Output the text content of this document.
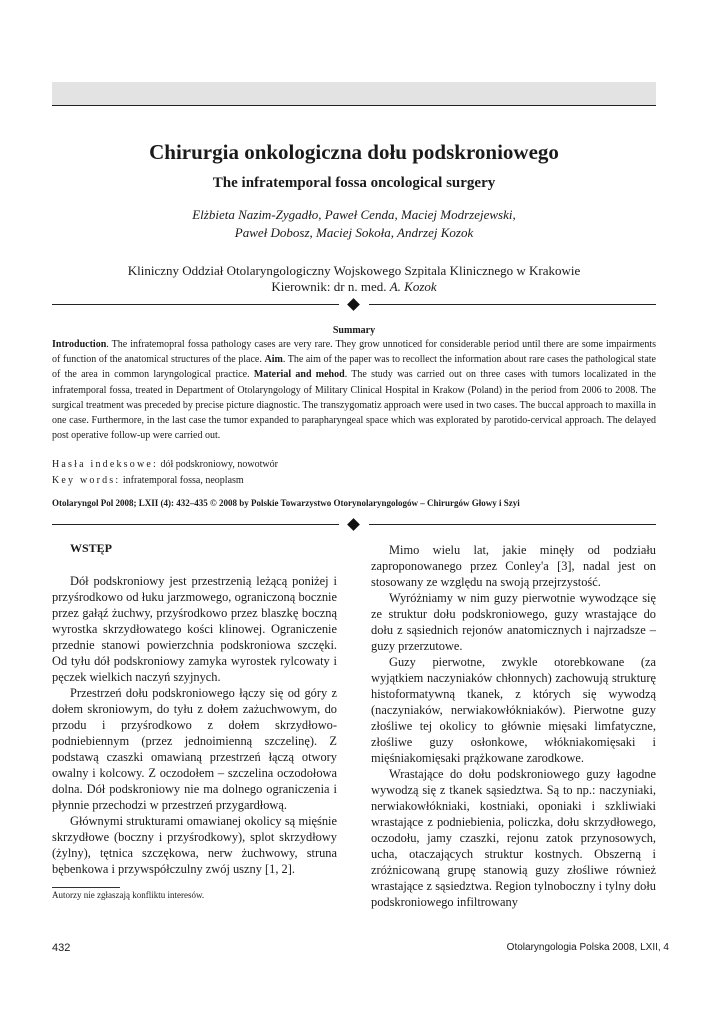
Chirurgia onkologiczna dołu podskroniowego
The infratemporal fossa oncological surgery
Elżbieta Nazim-Zygadło, Paweł Cenda, Maciej Modrzejewski,
Paweł Dobosz, Maciej Sokoła, Andrzej Kozok
Kliniczny Oddział Otolaryngologiczny Wojskowego Szpitala Klinicznego w Krakowie
Kierownik: dr n. med. A. Kozok
Summary
Introduction. The infratemopral fossa pathology cases are very rare. They grow unnoticed for considerable period until there are some impairments of function of the anatomical structures of the place. Aim. The aim of the paper was to recollect the information about rare cases the pathological state of the area in common laryngological practice. Material and mehod. The study was carried out on three cases with tumors localizated in the infratemporal fossa, treated in Department of Otolaryngology of Military Clinical Hospital in Krakow (Poland) in the period from 2006 to 2008. The surgical treatment was preceded by precise picture diagnostic. The transzygomatiz approach were used in two cases. The buccal approach to maxilla in one case. Furthermore, in the last case the tumor expanded to parapharyngeal space which was explorated by parotido-cervical approach. The delayed post operative follow-up were carried out.
Hasła indeksowe: dół podskroniowy, nowotwór
Key words: infratemporal fossa, neoplasm
Otolaryngol Pol 2008; LXII (4): 432–435 © 2008 by Polskie Towarzystwo Otorynolaryngologów – Chirurgów Głowy i Szyi
WSTĘP

Dół podskroniowy jest przestrzenią leżącą poniżej i przyśrodkowo od łuku jarzmowego, ograniczoną bocznie przez gałąź żuchwy, przyśrodkowo przez blaszkę boczną wyrostka skrzydłowatego kości klinowej. Ograniczenie przednie stanowi powierzchnia podskroniowa szczęki. Od tyłu dół podskroniowy zamyka wyrostek rylcowaty i pęczek wielkich naczyń szyjnych.

Przestrzeń dołu podskroniowego łączy się od góry z dołem skroniowym, do tyłu z dołem zażuchwowym, do przodu i przyśrodkowo z dołem skrzydłowo-podniebiennym (przez jednoimienną szczelinę). Z podstawą czaszki omawianą przestrzeń łączą otwory owalny i kolcowy. Z oczodołem – szczelina oczodołowa dolna. Dół podskroniowy nie ma dolnego ograniczenia i płynnie przechodzi w przestrzeń przygardłową.

Głównymi strukturami omawianej okolicy są mięśnie skrzydłowe (boczny i przyśrodkowy), splot skrzydłowy (żylny), tętnica szczękowa, nerw żuchwowy, struna bębenkowa i przywspółczulny zwój uszny [1, 2].

Mimo wielu lat, jakie minęły od podziału zaproponowanego przez Conley'a [3], nadal jest on stosowany ze względu na swoją przejrzystość.

Wyróżniamy w nim guzy pierwotnie wywodzące się ze struktur dołu podskroniowego, guzy wrastające do dołu z sąsiednich rejonów anatomicznych i najrzadsze – guzy przerzutowe.

Guzy pierwotne, zwykle otorebkowane (za wyjątkiem naczyniaków chłonnych) zachowują strukturę histoformatywną tkanek, z których się wywodzą (naczyniaków, nerwiakowłókniaków). Pierwotne guzy złośliwe tej okolicy to głównie mięsaki limfatyczne, złośliwe guzy osłonkowe, włókniakomięsaki i mięśniakomięsaki prążkowane zarodkowe.

Wrastające do dołu podskroniowego guzy łagodne wywodzą się z tkanek sąsiedztwa. Są to np.: naczyniaki, nerwiakowłókniaki, kostniaki, oponiaki i szkliwiaki wrastające z podniebienia, policzka, dołu skrzydłowego, oczodołu, jamy czaszki, rejonu zatok przynosowych, ucha, otaczających struktur kostnych. Obszerną i zróżnicowaną grupę stanowią guzy złośliwe również wrastające z sąsiedztwa. Region tylnoboczny i tylny dołu podskroniowego infiltrowany

Autorzy nie zgłaszają konfliktu interesów.
432	Otolaryngologia Polska 2008, LXII, 4
